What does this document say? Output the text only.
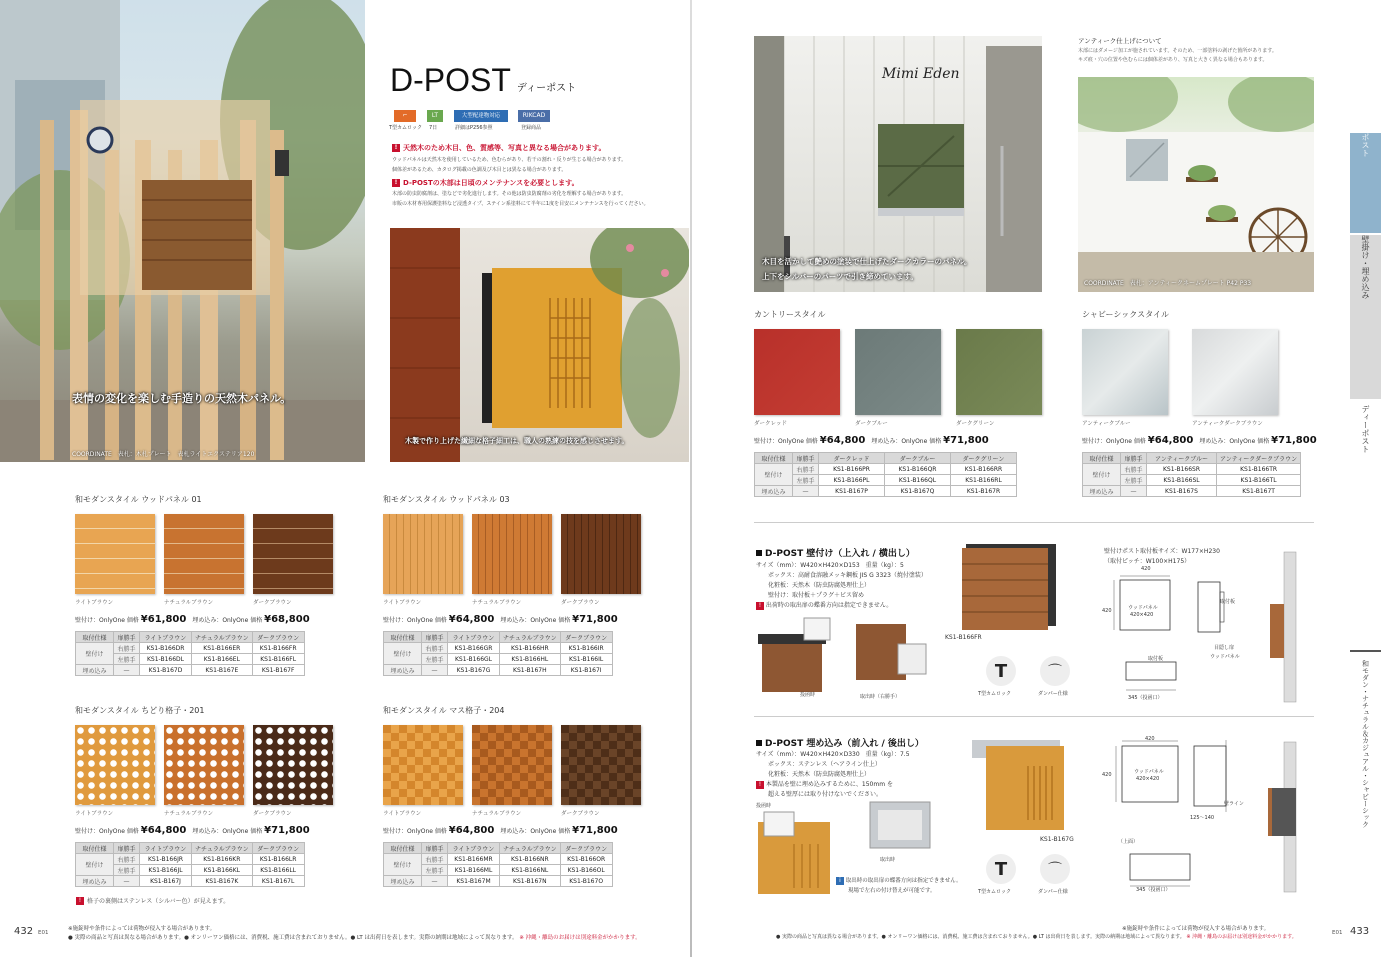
表情の変化を楽しむ手造りの天然木パネル。
COORDINATE　表札：木札プレート　表札ライトエクステリア120
D-POST ディーポスト
⌐
T型カムロック
LT
7日
大型配達物対応
詳細はP256参照
RIKCAD
登録商品
! 天然木のため木目、色、質感等、写真と異なる場合があります。
ウッドパネルは天然木を使用しているため、色むらがあり、若干の割れ・反りが生じる場合があります。
個体差があるため、カタログ掲載の色調及び木目とは異なる場合があります。
! D-POSTの木部は日頃のメンテナンスを必要とします。
木部の防虫防腐剤は、塗などで劣化進行します。その他は防虫防腐剤の劣化を理解する場合があります。
市販の木材専用保護塗料など浸透タイプ、ステイン系塗料にて半年に1度を目安にメンテナンスを行ってください。
木製で作り上げた繊細な格子細工は、職人の熟練の技を感じさせます。
和モダンスタイル ウッドパネル 01
ライトブラウン	ナチュラルブラウン	ダークブラウン
壁付け：OnlyOne 価格 ¥61,800　埋め込み：OnlyOne 価格 ¥68,800
取付仕様	扉勝手	ライトブラウン	ナチュラルブラウン	ダークブラウン
壁付け	右勝手	KS1-B166DR	KS1-B166ER	KS1-B166FR
	左勝手	KS1-B166DL	KS1-B166EL	KS1-B166FL
埋め込み	—	KS1-B167D	KS1-B167E	KS1-B167F
和モダンスタイル ウッドパネル 03
ライトブラウン	ナチュラルブラウン	ダークブラウン
壁付け：OnlyOne 価格 ¥64,800　埋め込み：OnlyOne 価格 ¥71,800
取付仕様	扉勝手	ライトブラウン	ナチュラルブラウン	ダークブラウン
壁付け	右勝手	KS1-B166GR	KS1-B166HR	KS1-B166IR
	左勝手	KS1-B166GL	KS1-B166HL	KS1-B166IL
埋め込み	—	KS1-B167G	KS1-B167H	KS1-B167I
和モダンスタイル ちどり格子・201
ライトブラウン	ナチュラルブラウン	ダークブラウン
壁付け：OnlyOne 価格 ¥64,800　埋め込み：OnlyOne 価格 ¥71,800
取付仕様	扉勝手	ライトブラウン	ナチュラルブラウン	ダークブラウン
壁付け	右勝手	KS1-B166JR	KS1-B166KR	KS1-B166LR
	左勝手	KS1-B166JL	KS1-B166KL	KS1-B166LL
埋め込み	—	KS1-B167J	KS1-B167K	KS1-B167L
和モダンスタイル マス格子・204
ライトブラウン	ナチュラルブラウン	ダークブラウン
壁付け：OnlyOne 価格 ¥64,800　埋め込み：OnlyOne 価格 ¥71,800
取付仕様	扉勝手	ライトブラウン	ナチュラルブラウン	ダークブラウン
壁付け	右勝手	KS1-B166MR	KS1-B166NR	KS1-B166OR
	左勝手	KS1-B166ML	KS1-B166NL	KS1-B166OL
埋め込み	—	KS1-B167M	KS1-B167N	KS1-B167O
! 格子の裏側はステンレス（シルバー色）が見えます。
432 E01
※施錠時や条件によっては荷物が侵入する場合があります。
● 実際の商品と写真は異なる場合があります。● オンリーワン価格には、消費税、施工費は含まれておりません。● LT は出荷日を表します。実際の納期は地域によって異なります。 ※ 沖縄・離島のお届けは別途料金がかかります。
Mimi Eden
木目を活かして艶めの塗装で仕上げたダークカラーのパネル。
上下をシルバーのパーツで引き締めています。
アンティーク仕上げについて
木部にはダメージ加工が施されています。そのため、一部塗料の剥げた箇所があります。
キズ痕・穴の位置や色むらには個体差があり、写真と大きく異なる場合もあります。
COORDINATE　表札：アンティークネームプレート P42 P33
カントリースタイル
ダークレッド	ダークブルー	ダークグリーン
壁付け：OnlyOne 価格 ¥64,800　埋め込み：OnlyOne 価格 ¥71,800
取付仕様	扉勝手	ダークレッド	ダークブルー	ダークグリーン
壁付け	右勝手	KS1-B166PR	KS1-B166QR	KS1-B166RR
	左勝手	KS1-B166PL	KS1-B166QL	KS1-B166RL
埋め込み	—	KS1-B167P	KS1-B167Q	KS1-B167R
シャビーシックスタイル
アンティークブルー	アンティークダークブラウン
壁付け：OnlyOne 価格 ¥64,800　埋め込み：OnlyOne 価格 ¥71,800
取付仕様	扉勝手	アンティークブルー	アンティークダークブラウン
壁付け	右勝手	KS1-B166SR	KS1-B166TR
	左勝手	KS1-B166SL	KS1-B166TL
埋め込み	—	KS1-B167S	KS1-B167T
D-POST 壁付け（上入れ / 横出し）
サイズ（mm）：W420×H420×D153　重量（kg）：5
ボックス：高耐食溶融メッキ鋼板 JIS G 3323（焼付塗装）
化粧板：天然木（防虫防腐処理仕上）
壁付け：取付板＋プラグ＋ビス留め
! 出荷時の取出扉の蝶番方向は指定できません。
KS1-B166FR
投函時	取出時（右勝手）
T
T型カムロック
⌒
ダンパー仕様
壁付けポスト取付板サイズ：W177×H230
（取付ピッチ：W100×H175）
420
420	ウッドパネル
420×420
取付板
目隠し扉
ウッドパネル
取付板
345（投函口）
D-POST 埋め込み（前入れ / 後出し）
サイズ（mm）：W420×H420×D330　重量（kg）：7.5
ボックス：ステンレス（ヘアライン仕上）
化粧板：天然木（防虫防腐処理仕上）
! 本製品を壁に埋め込みするために、150mm を
超える壁厚には取り付けないでください。
KS1-B167G
投函時
取出時	T
T型カムロック
⌒
ダンパー仕様
i 取出時の取出扉の蝶番方向は指定できません。
現場で左右の付け替えが可能です。
420
420	ウッドパネル
420×420
壁ライン
125〜140
（上面）
345（投函口）
ポスト
壁掛け・埋め込み
ディーポスト
和モダン・ナチュラル＆カジュアル・シャビーシック
※施錠時や条件によっては荷物が侵入する場合があります。
● 実際の商品と写真は異なる場合があります。● オンリーワン価格には、消費税、施工費は含まれておりません。● LT は出荷日を表します。実際の納期は地域によって異なります。 ※ 沖縄・離島のお届けは別途料金がかかります。
E01 433
